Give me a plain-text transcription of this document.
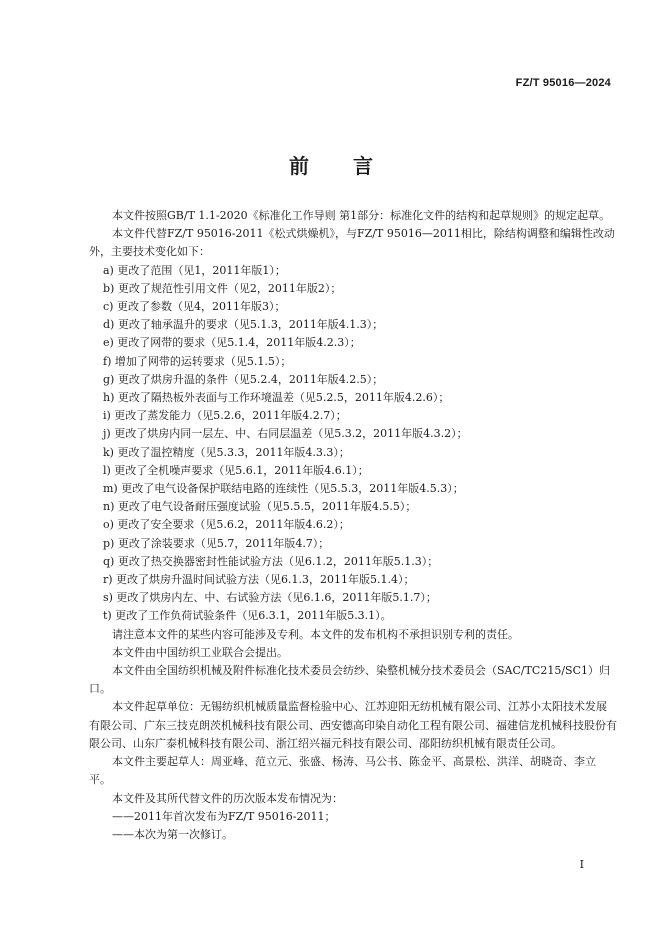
FZ/T 95016—2024
前 言

本文件按照GB/T 1.1-2020《标准化工作导则 第1部分：标准化文件的结构和起草规则》的规定起草。

本文件代替FZ/T 95016-2011《松式烘燥机》，与FZ/T 95016—2011相比，除结构调整和编辑性改动外，主要技术变化如下：

a) 更改了范围（见1，2011年版1）；

b) 更改了规范性引用文件（见2，2011年版2）；

c) 更改了参数（见4，2011年版3）；

d) 更改了轴承温升的要求（见5.1.3，2011年版4.1.3）；

e) 更改了网带的要求（见5.1.4，2011年版4.2.3）；

f) 增加了网带的运转要求（见5.1.5）；

g) 更改了烘房升温的条件（见5.2.4，2011年版4.2.5）；

h) 更改了隔热板外表面与工作环境温差（见5.2.5，2011年版4.2.6）；

i) 更改了蒸发能力（见5.2.6，2011年版4.2.7）；

j) 更改了烘房内同一层左、中、右同层温差（见5.3.2，2011年版4.3.2）；

k) 更改了温控精度（见5.3.3，2011年版4.3.3）；

l) 更改了全机噪声要求（见5.6.1，2011年版4.6.1）；

m) 更改了电气设备保护联结电路的连续性（见5.5.3，2011年版4.5.3）；

n) 更改了电气设备耐压强度试验（见5.5.5，2011年版4.5.5）；

o) 更改了安全要求（见5.6.2，2011年版4.6.2）；

p) 更改了涂装要求（见5.7，2011年版4.7）；

q) 更改了热交换器密封性能试验方法（见6.1.2，2011年版5.1.3）；

r) 更改了烘房升温时间试验方法（见6.1.3，2011年版5.1.4）；

s) 更改了烘房内左、中、右试验方法（见6.1.6，2011年版5.1.7）；

t) 更改了工作负荷试验条件（见6.3.1，2011年版5.3.1）。

请注意本文件的某些内容可能涉及专利。本文件的发布机构不承担识别专利的责任。

本文件由中国纺织工业联合会提出。

本文件由全国纺织机械及附件标准化技术委员会纺纱、染整机械分技术委员会（SAC/TC215/SC1）归口。

本文件起草单位：无锡纺织机械质量监督检验中心、江苏迎阳无纺机械有限公司、江苏小太阳技术发展有限公司、广东三技克朗茨机械科技有限公司、西安德高印染自动化工程有限公司、福建信龙机械科技股份有限公司、山东广泰机械科技有限公司、浙江绍兴福元科技有限公司、邵阳纺织机械有限责任公司。

本文件主要起草人：周亚峰、范立元、张盛、杨涛、马公书、陈金平、高景松、洪洋、胡晓奇、李立平。

本文件及其所代替文件的历次版本发布情况为：

——2011年首次发布为FZ/T 95016-2011；

——本次为第一次修订。

I
